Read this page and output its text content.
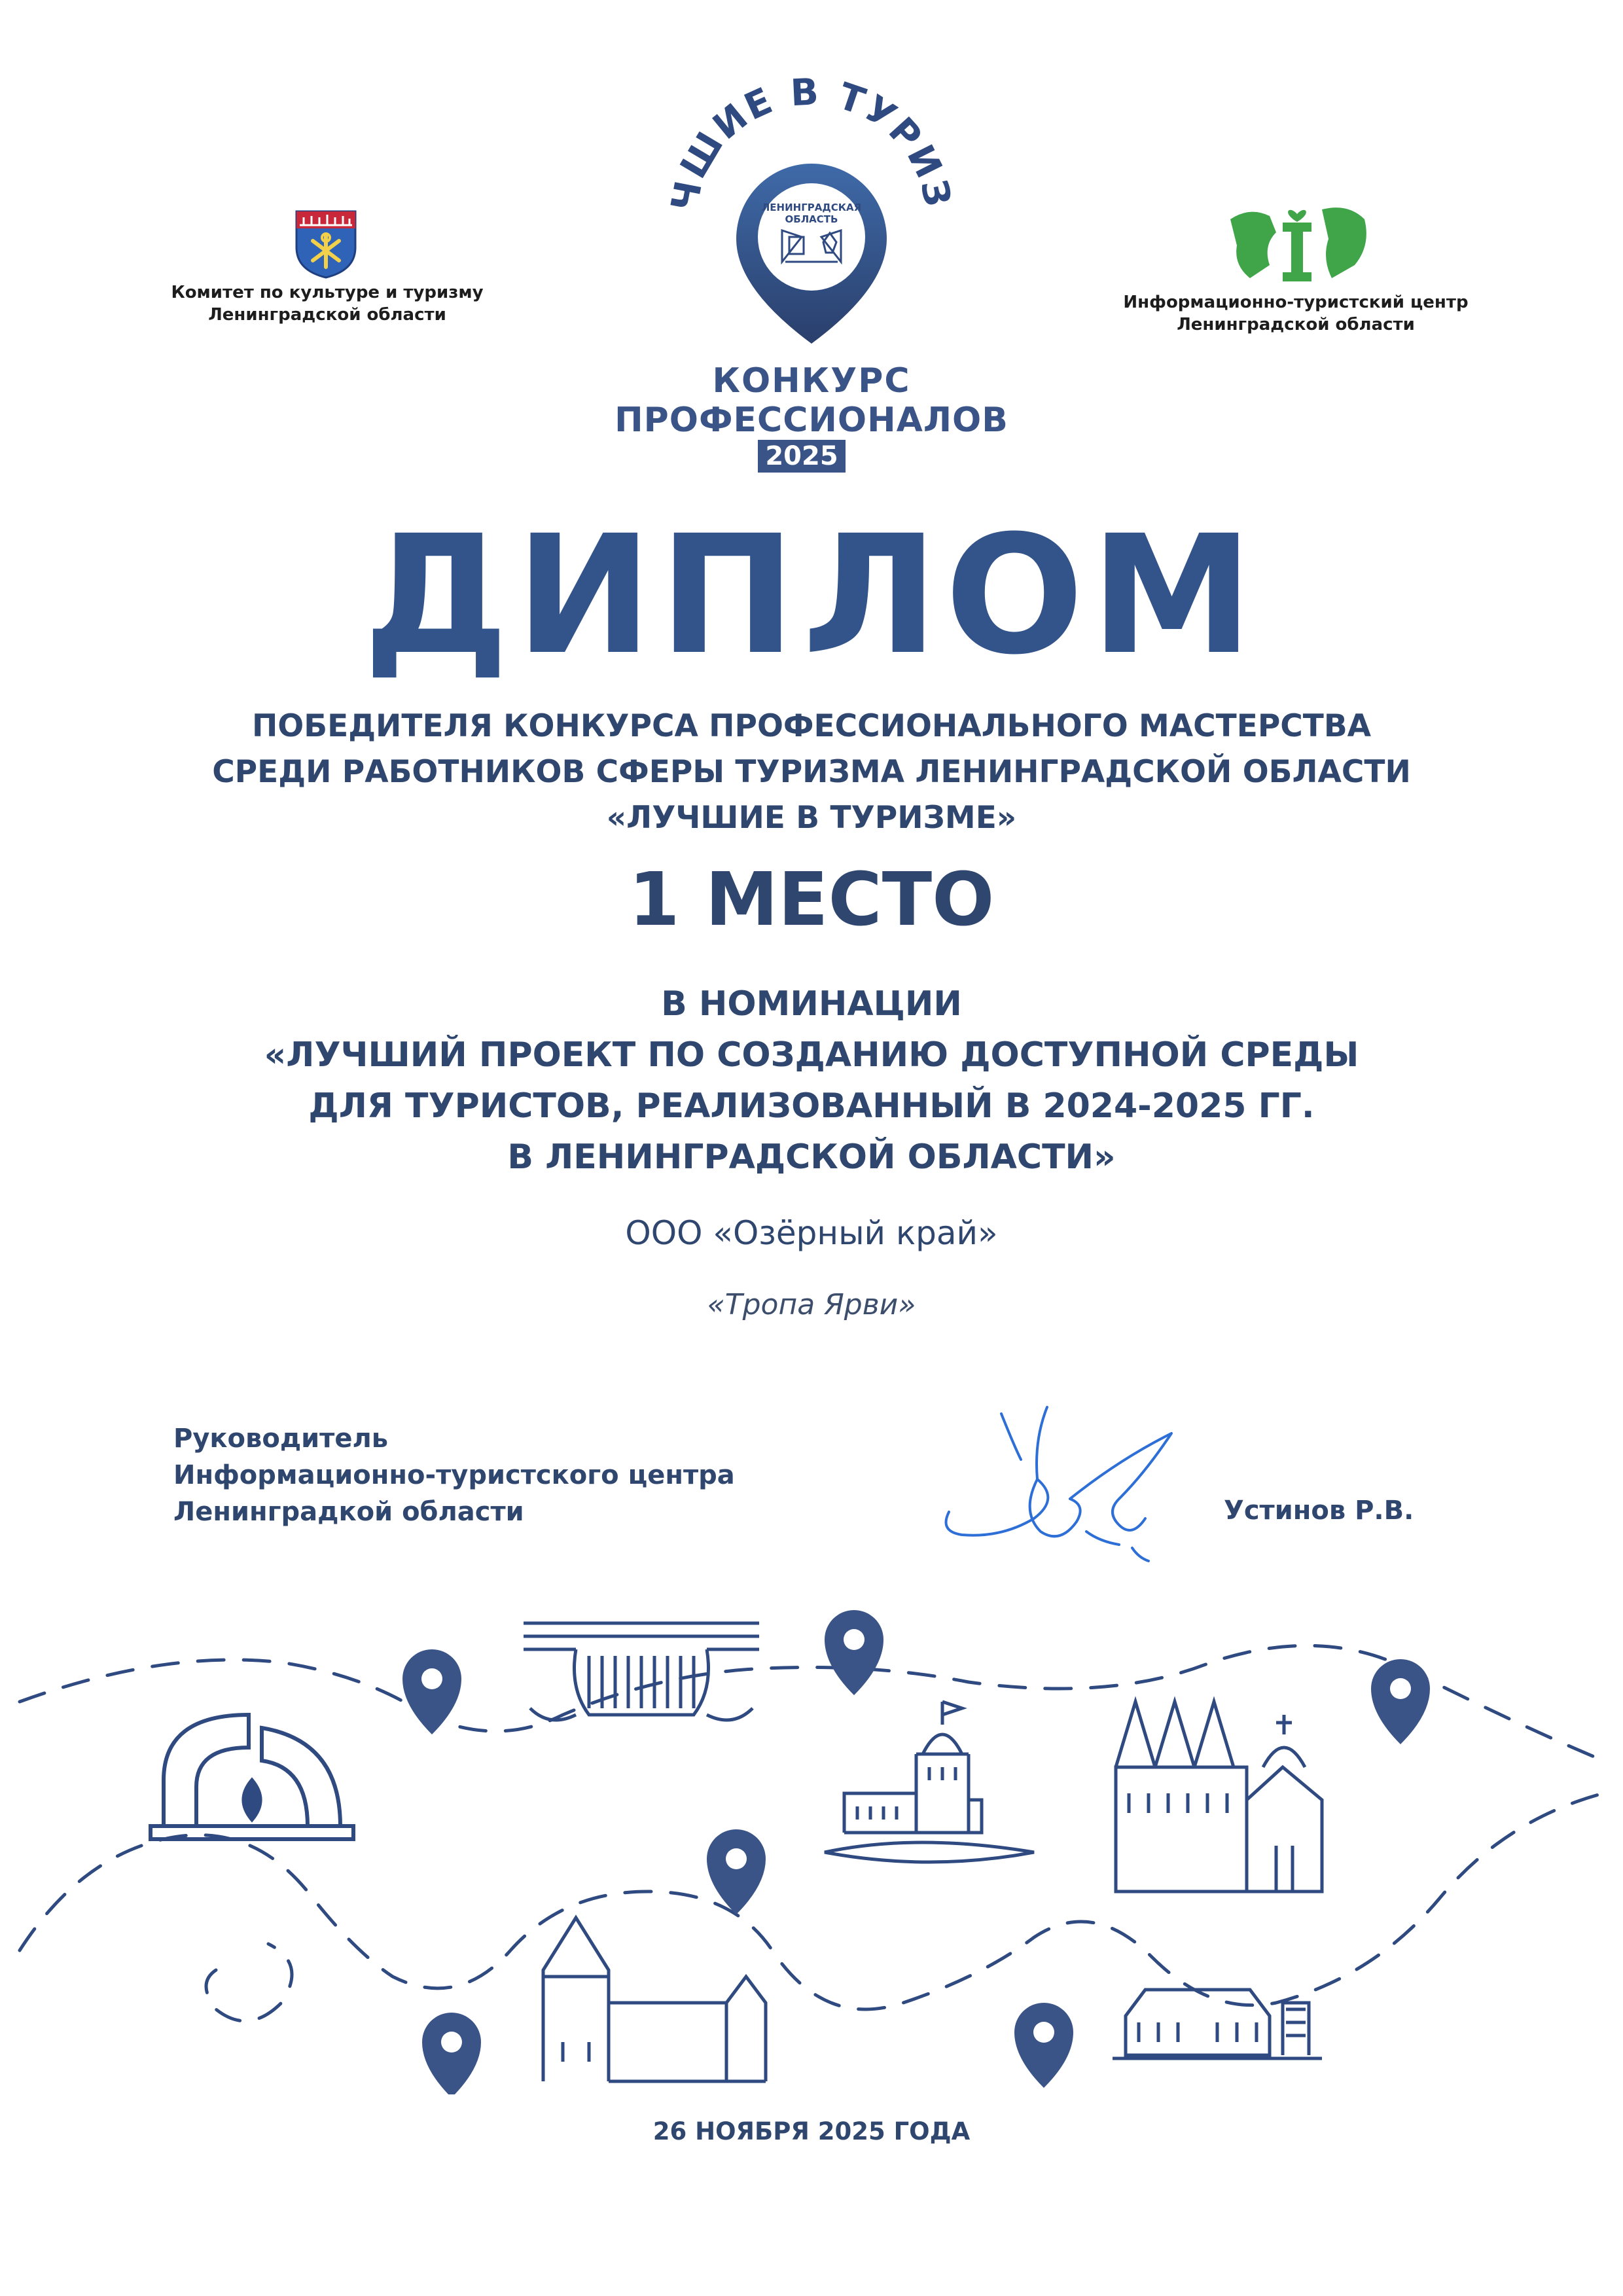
Комитет по культуре и туризму
Ленинградской области
Информационно-туристский центр
Ленинградской области
ЧШИЕ В ТУРИЗ
ЛЕНИНГРАДСКАЯ
ОБЛАСТЬ
КОНКУРС
ПРОФЕССИОНАЛОВ
2025
ДИПЛОМ
ПОБЕДИТЕЛЯ КОНКУРСА ПРОФЕССИОНАЛЬНОГО МАСТЕРСТВА
СРЕДИ РАБОТНИКОВ СФЕРЫ ТУРИЗМА ЛЕНИНГРАДСКОЙ ОБЛАСТИ
«ЛУЧШИЕ В ТУРИЗМЕ»
1 МЕСТО
В НОМИНАЦИИ
«ЛУЧШИЙ ПРОЕКТ ПО СОЗДАНИЮ ДОСТУПНОЙ СРЕДЫ
ДЛЯ ТУРИСТОВ, РЕАЛИЗОВАННЫЙ В 2024-2025 ГГ.
В ЛЕНИНГРАДСКОЙ ОБЛАСТИ»
ООО «Озёрный край»
«Тропа Ярви»
Руководитель
Информационно-туристского центра
Ленинградкой области	Устинов Р.В.
26 НОЯБРЯ 2025 ГОДА
